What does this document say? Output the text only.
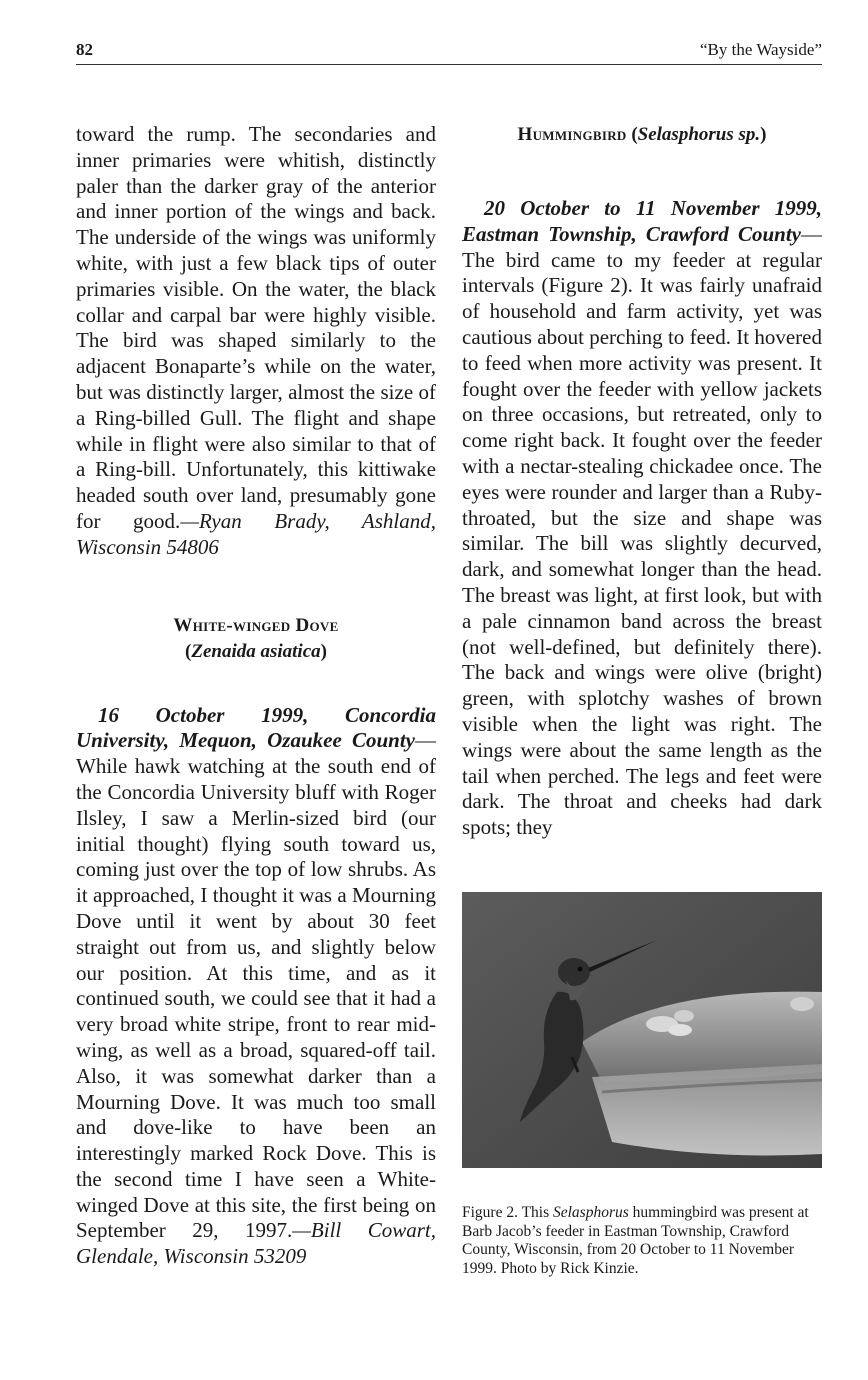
82	“By the Wayside”

toward the rump. The secondaries and inner primaries were whitish, distinctly paler than the darker gray of the anterior and inner portion of the wings and back. The underside of the wings was uniformly white, with just a few black tips of outer primaries visible. On the water, the black collar and carpal bar were highly visible. The bird was shaped similarly to the adjacent Bonaparte’s while on the water, but was distinctly larger, almost the size of a Ring-billed Gull. The flight and shape while in flight were also similar to that of a Ring-bill. Unfortunately, this kittiwake headed south over land, presumably gone for good.—Ryan Brady, Ashland, Wisconsin 54806

White-winged Dove
(Zenaida asiatica)

16 October 1999, Concordia University, Mequon, Ozaukee County—While hawk watching at the south end of the Concordia University bluff with Roger Ilsley, I saw a Merlin-sized bird (our initial thought) flying south toward us, coming just over the top of low shrubs. As it approached, I thought it was a Mourning Dove until it went by about 30 feet straight out from us, and slightly below our position. At this time, and as it continued south, we could see that it had a very broad white stripe, front to rear mid-wing, as well as a broad, squared-off tail. Also, it was somewhat darker than a Mourning Dove. It was much too small and dove-like to have been an interestingly marked Rock Dove. This is the second time I have seen a White-winged Dove at this site, the first being on September 29, 1997.—Bill Cowart, Glendale, Wisconsin 53209

Hummingbird (Selasphorus sp.)

20 October to 11 November 1999, Eastman Township, Crawford County—The bird came to my feeder at regular intervals (Figure 2). It was fairly unafraid of household and farm activity, yet was cautious about perching to feed. It hovered to feed when more activity was present. It fought over the feeder with yellow jackets on three occasions, but retreated, only to come right back. It fought over the feeder with a nectar-stealing chickadee once. The eyes were rounder and larger than a Ruby-throated, but the size and shape was similar. The bill was slightly decurved, dark, and somewhat longer than the head. The breast was light, at first look, but with a pale cinnamon band across the breast (not well-defined, but definitely there). The back and wings were olive (bright) green, with splotchy washes of brown visible when the light was right. The wings were about the same length as the tail when perched. The legs and feet were dark. The throat and cheeks had dark spots; they

Figure 2. This Selasphorus hummingbird was present at Barb Jacob’s feeder in Eastman Township, Crawford County, Wisconsin, from 20 October to 11 November 1999. Photo by Rick Kinzie.
